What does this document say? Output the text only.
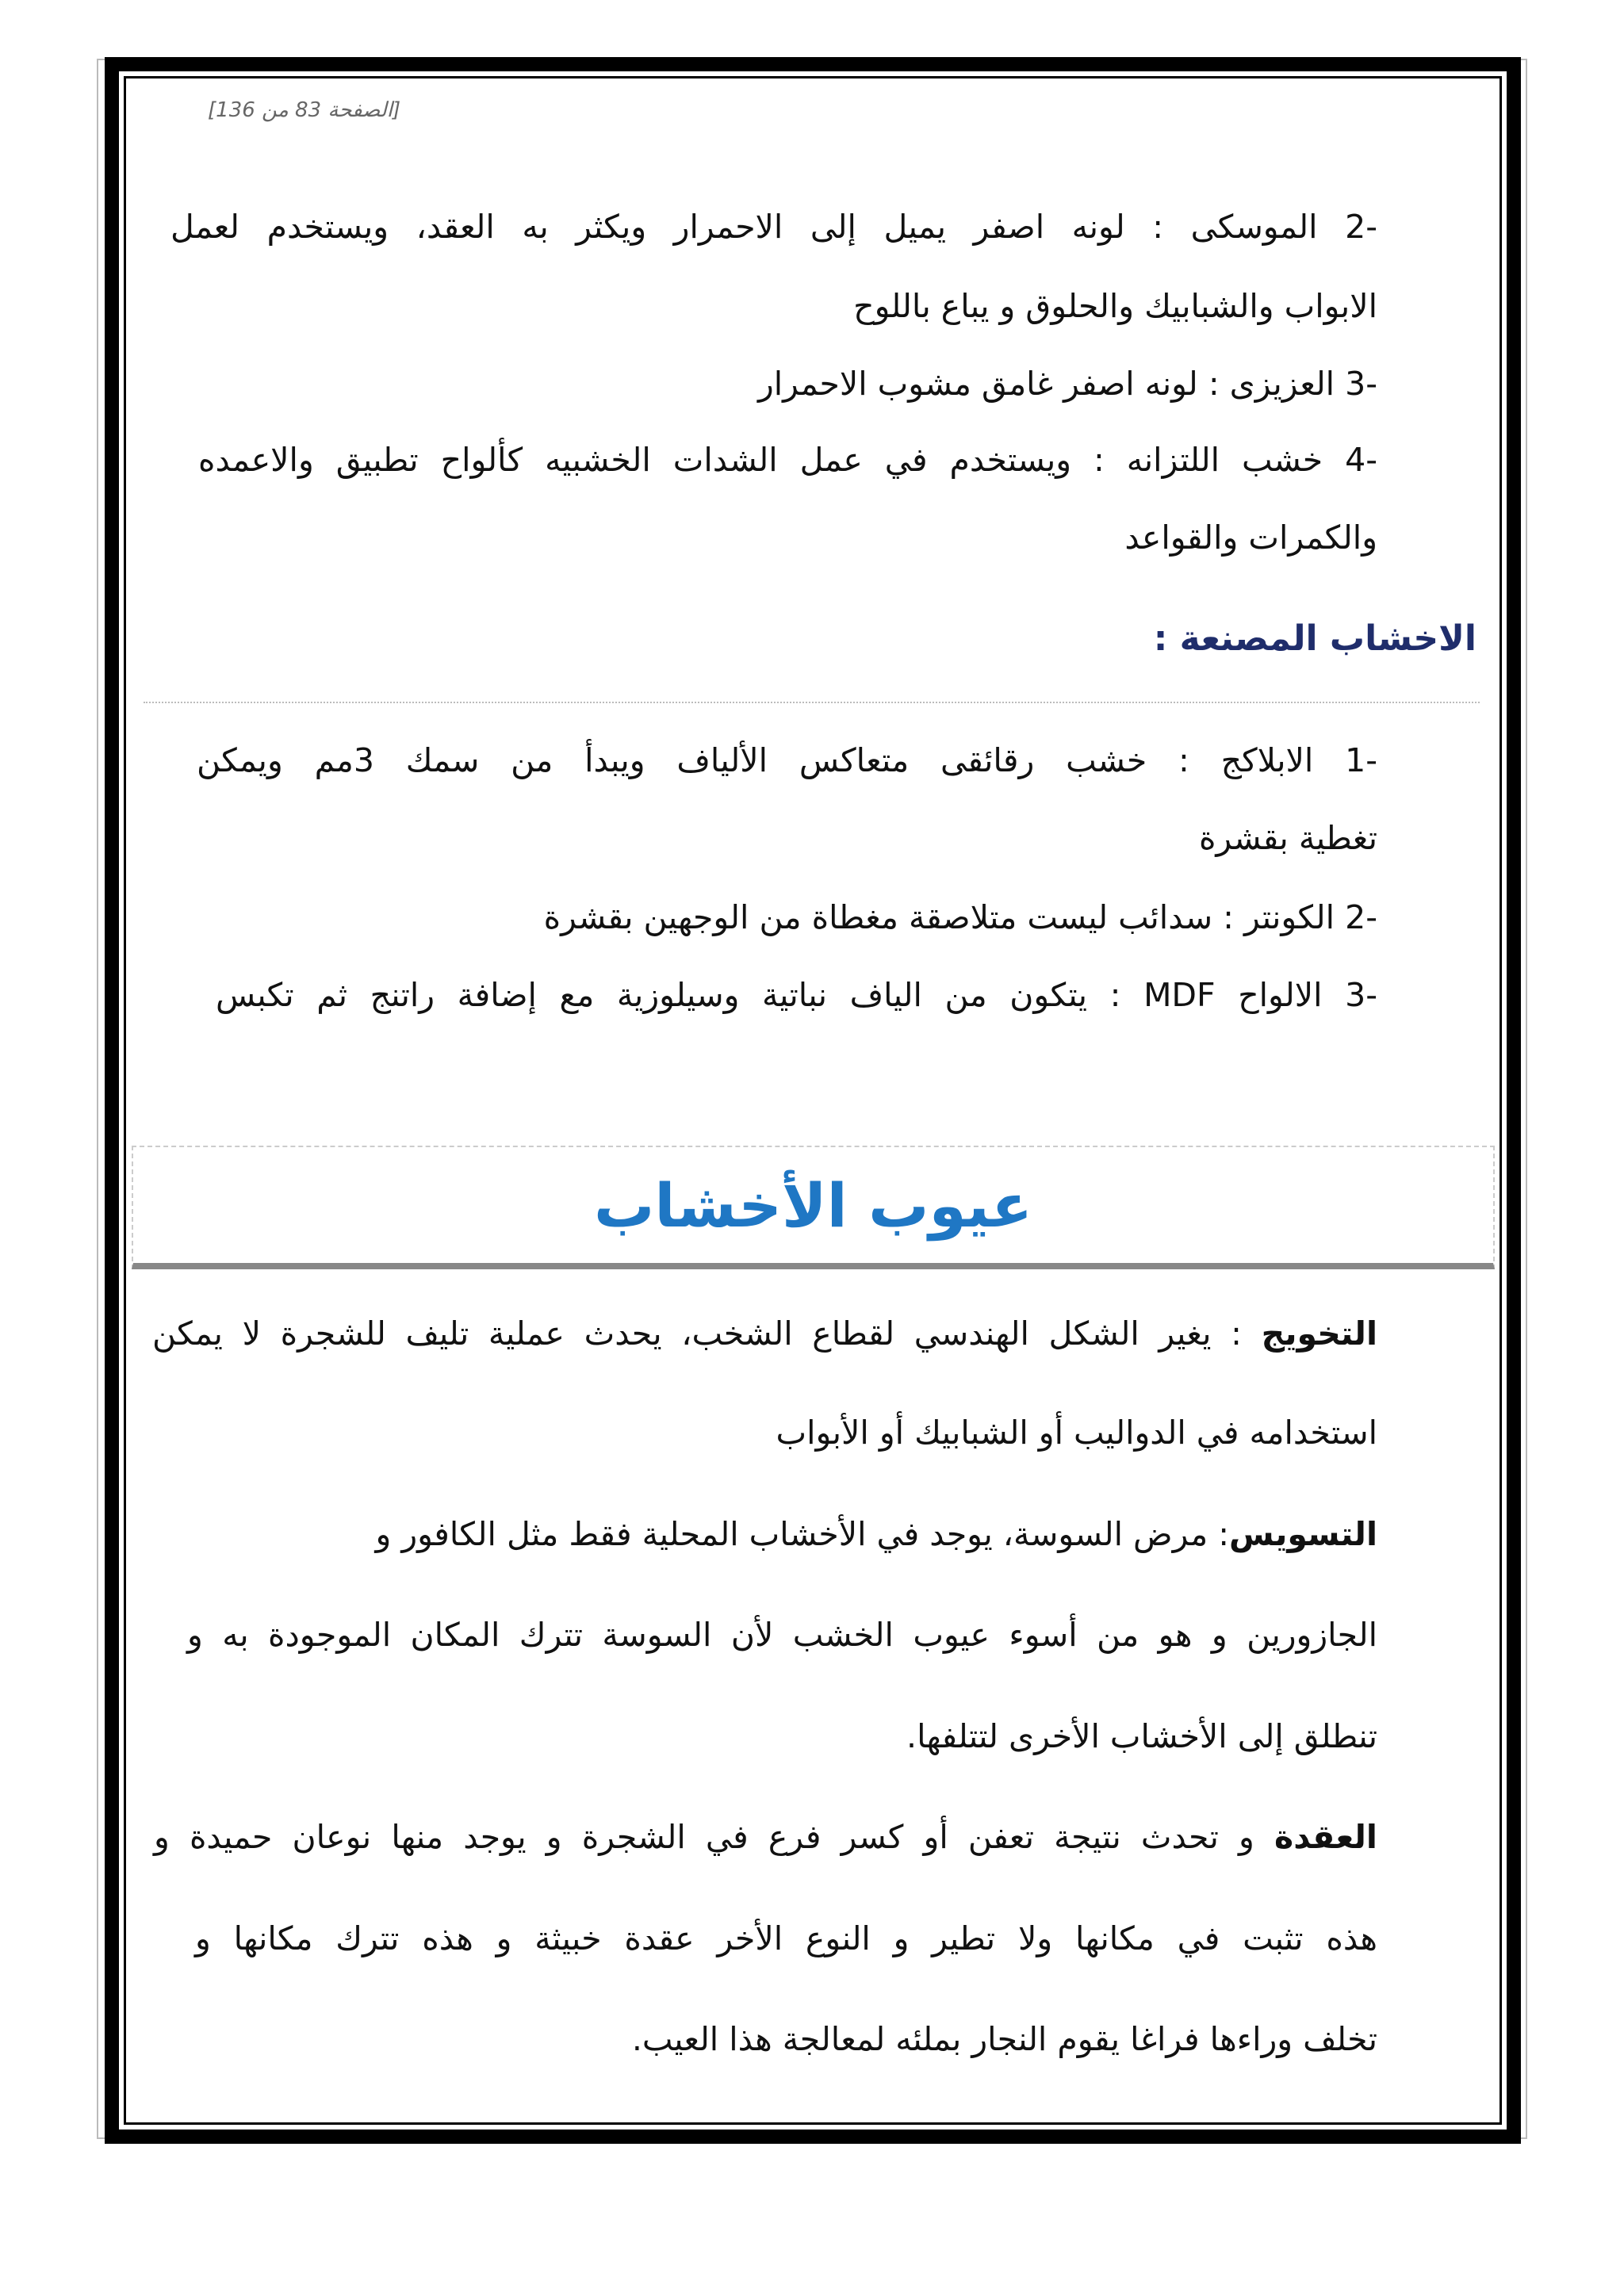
[الصفحة 83 من 136]
-2 الموسكى : لونه اصفر يميل إلى الاحمرار ويكثر به العقد، ويستخدم لعمل
الابواب والشبابيك والحلوق و يباع باللوح
-3 العزيزى : لونه اصفر غامق مشوب الاحمرار
-4 خشب اللتزانه : ويستخدم في عمل الشدات الخشبيه كألواح تطبيق والاعمده
والكمرات والقواعد
الاخشاب المصنعة :
-1 الابلاكج : خشب رقائقى متعاكس الألياف ويبدأ من سمك 3مم ويمكن
تغطية بقشرة
-2 الكونتر : سدائب ليست متلاصقة مغطاة من الوجهين بقشرة
-3 الالواح MDF : يتكون من الياف نباتية وسيلوزية مع إضافة راتنج ثم تكبس
عيوب الأخشاب
التخويج : يغير الشكل الهندسي لقطاع الشخب، يحدث عملية تليف للشجرة لا يمكن
استخدامه في الدواليب أو الشبابيك أو الأبواب
التسويس: مرض السوسة، يوجد في الأخشاب المحلية فقط مثل الكافور و
الجازورين و هو من أسوء عيوب الخشب لأن السوسة تترك المكان الموجودة به و
تنطلق إلى الأخشاب الأخرى لتتلفها.
العقدة و تحدث نتيجة تعفن أو كسر فرع في الشجرة و يوجد منها نوعان حميدة و
هذه تثبت في مكانها ولا تطير و النوع الأخر عقدة خبيثة و هذه تترك مكانها و
تخلف وراءها فراغا يقوم النجار بملئه لمعالجة هذا العيب.
